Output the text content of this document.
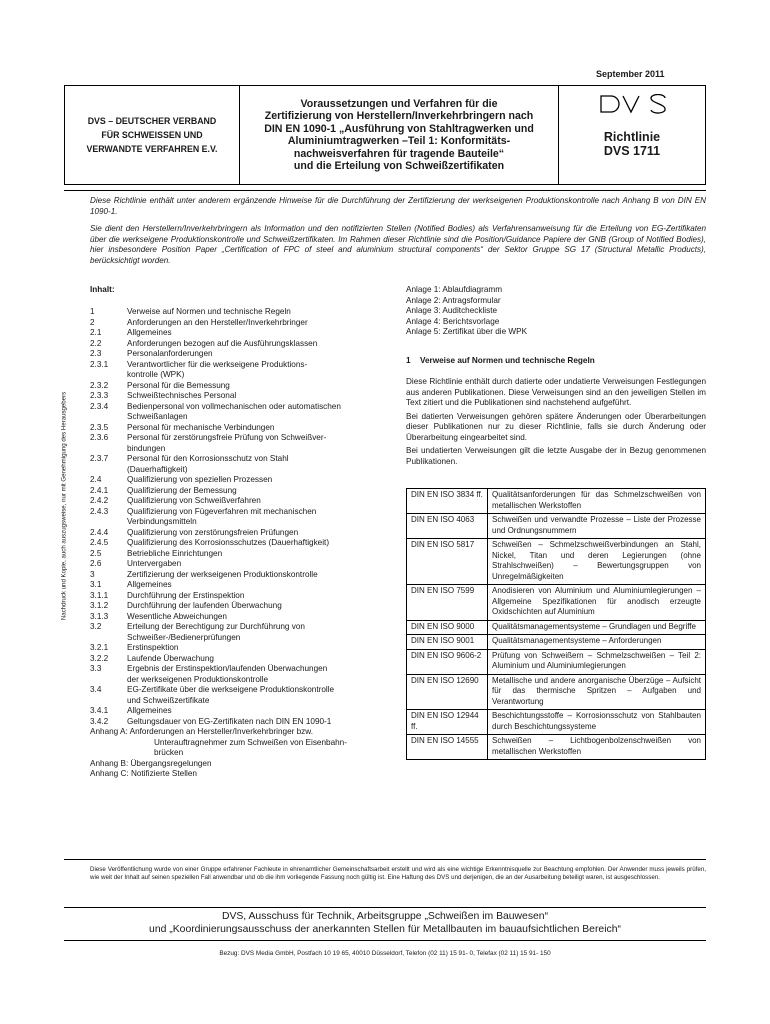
September 2011
DVS – DEUTSCHER VERBAND
FÜR SCHWEISSEN UND
VERWANDTE VERFAHREN E.V.
Voraussetzungen und Verfahren für die
Zertifizierung von Herstellern/Inverkehrbringern nach
DIN EN 1090-1 „Ausführung von Stahltragwerken und
Aluminiumtragwerken –Teil 1: Konformitäts-
nachweisverfahren für tragende Bauteile“
und die Erteilung von Schweißzertifikaten
Richtlinie
DVS 1711
Diese Richtlinie enthält unter anderem ergänzende Hinweise für die Durchführung der Zertifizierung der werkseigenen Produktionskontrolle nach Anhang B von DIN EN 1090-1.
Sie dient den Herstellern/Inverkehrbringern als Information und den notifizierten Stellen (Notified Bodies) als Verfahrensanweisung für die Erteilung von EG-Zertifikaten über die werkseigene Produktionskontrolle und Schweißzertifikaten. Im Rahmen dieser Richtlinie sind die Position/Guidance Papiere der GNB (Group of Notified Bodies), hier insbesondere Position Paper „Certification of FPC of steel and aluminium structural components“ der Sektor Gruppe SG 17 (Structural Metallic Products), berücksichtigt worden.
Nachdruck und Kopie, auch auszugsweise, nur mit Genehmigung des Herausgebers
Inhalt:
1	Verweise auf Normen und technische Regeln
2	Anforderungen an den Hersteller/Inverkehrbringer
2.1	Allgemeines
2.2	Anforderungen bezogen auf die Ausführungsklassen
2.3	Personalanforderungen
2.3.1	Verantwortlicher für die werkseigene Produktions-
kontrolle (WPK)
2.3.2	Personal für die Bemessung
2.3.3	Schweißtechnisches Personal
2.3.4	Bedienpersonal von vollmechanischen oder automatischen
Schweißanlagen
2.3.5	Personal für mechanische Verbindungen
2.3.6	Personal für zerstörungsfreie Prüfung von Schweißver-
bindungen
2.3.7	Personal für den Korrosionsschutz von Stahl
(Dauerhaftigkeit)
2.4	Qualifizierung von speziellen Prozessen
2.4.1	Qualifizierung der Bemessung
2.4.2	Qualifizierung von Schweißverfahren
2.4.3	Qualifizierung von Fügeverfahren mit mechanischen
Verbindungsmitteln
2.4.4	Qualifizierung von zerstörungsfreien Prüfungen
2.4.5	Qualifizierung des Korrosionsschutzes (Dauerhaftigkeit)
2.5	Betriebliche Einrichtungen
2.6	Untervergaben
3	Zertifizierung der werkseigenen Produktionskontrolle
3.1	Allgemeines
3.1.1	Durchführung der Erstinspektion
3.1.2	Durchführung der laufenden Überwachung
3.1.3	Wesentliche Abweichungen
3.2	Erteilung der Berechtigung zur Durchführung von
Schweißer-/Bedienerprüfungen
3.2.1	Erstinspektion
3.2.2	Laufende Überwachung
3.3	Ergebnis der Erstinspektion/laufenden Überwachungen
der werkseigenen Produktionskontrolle
3.4	EG-Zertifikate über die werkseigene Produktionskontrolle
und Schweißzertifikate
3.4.1	Allgemeines
3.4.2	Geltungsdauer von EG-Zertifikaten nach DIN EN 1090-1
Anhang A: Anforderungen an Hersteller/Inverkehrbringer bzw.
Unterauftragnehmer zum Schweißen von Eisenbahn-
brücken
Anhang B: Übergangsregelungen
Anhang C: Notifizierte Stellen
Anlage 1: Ablaufdiagramm
Anlage 2: Antragsformular
Anlage 3: Auditcheckliste
Anlage 4: Berichtsvorlage
Anlage 5: Zertifikat über die WPK
1 Verweise auf Normen und technische Regeln

Diese Richtlinie enthält durch datierte oder undatierte Verweisungen Festlegungen aus anderen Publikationen. Diese Verweisungen sind an den jeweiligen Stellen im Text zitiert und die Publikationen sind nachstehend aufgeführt.

Bei datierten Verweisungen gehören spätere Änderungen oder Überarbeitungen dieser Publikationen nur zu dieser Richtlinie, falls sie durch Änderung oder Überarbeitung eingearbeitet sind.

Bei undatierten Verweisungen gilt die letzte Ausgabe der in Bezug genommenen Publikationen.

DIN EN ISO 3834 ff.	Qualitätsanforderungen für das Schmelzschweißen von metallischen Werkstoffen
DIN EN ISO 4063	Schweißen und verwandte Prozesse – Liste der Prozesse und Ordnungsnummern
DIN EN ISO 5817	Schweißen – Schmelzschweißverbindungen an Stahl, Nickel, Titan und deren Legierungen (ohne Strahlschweißen) – Bewertungsgruppen von Unregelmäßigkeiten
DIN EN ISO 7599	Anodisieren von Aluminium und Aluminiumlegierungen – Allgemeine Spezifikationen für anodisch erzeugte Oxidschichten auf Aluminium
DIN EN ISO 9000	Qualitätsmanagementsysteme – Grundlagen und Begriffe
DIN EN ISO 9001	Qualitätsmanagementsysteme – Anforderungen
DIN EN ISO 9606-2	Prüfung von Schweißern – Schmelzschweißen – Teil 2: Aluminium und Aluminiumlegierungen
DIN EN ISO 12690	Metallische und andere anorganische Überzüge – Aufsicht für das thermische Spritzen – Aufgaben und Verantwortung
DIN EN ISO 12944 ff.	Beschichtungsstoffe – Korrosionsschutz von Stahlbauten durch Beschichtungssysteme
DIN EN ISO 14555	Schweißen – Lichtbogenbolzenschweißen von metallischen Werkstoffen
Diese Veröffentlichung wurde von einer Gruppe erfahrener Fachleute in ehrenamtlicher Gemeinschaftsarbeit erstellt und wird als eine wichtige Erkenntnisquelle zur Beachtung empfohlen. Der Anwender muss jeweils prüfen, wie weit der Inhalt auf seinen speziellen Fall anwendbar und ob die ihm vorliegende Fassung noch gültig ist. Eine Haftung des DVS und derjenigen, die an der Ausarbeitung beteiligt waren, ist ausgeschlossen.
DVS, Ausschuss für Technik, Arbeitsgruppe „Schweißen im Bauwesen“
und „Koordinierungsausschuss der anerkannten Stellen für Metallbauten im bauaufsichtlichen Bereich“
Bezug: DVS Media GmbH, Postfach 10 19 65, 40010 Düsseldorf, Telefon (02 11) 15 91- 0, Telefax (02 11) 15 91- 150
